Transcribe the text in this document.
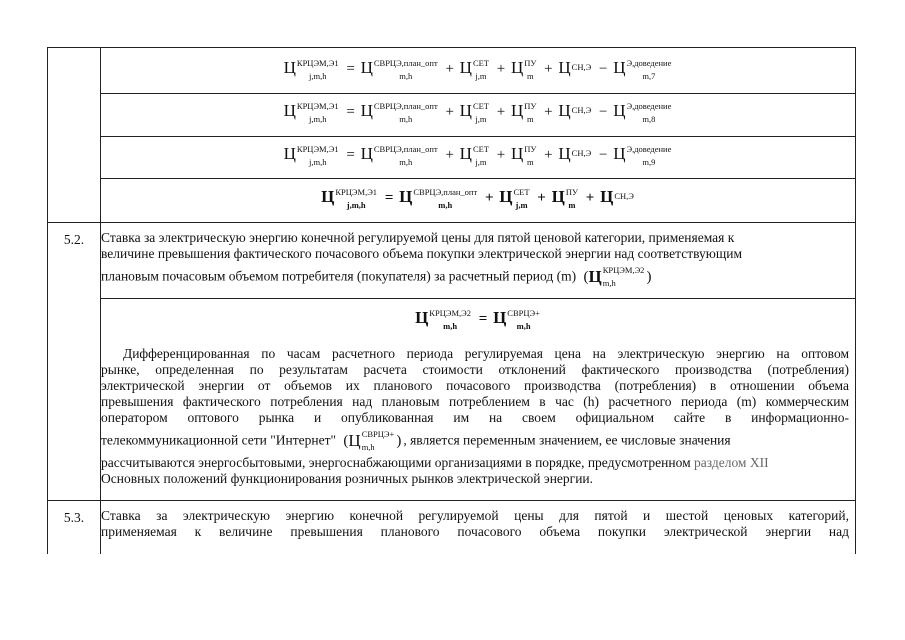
Ц КРЦЭМ,Э1
j,m,h	= Ц СВРЦЭ,план_опт
m,h	+ Ц СЕТ
j,m + Ц ПУ
m + Ц СН,Э − Ц Э,доведение
m,7
Ц КРЦЭМ,Э1
j,m,h	= Ц СВРЦЭ,план_опт
m,h	+ Ц СЕТ
j,m + Ц ПУ
m + Ц СН,Э − Ц Э,доведение
m,8
Ц КРЦЭМ,Э1
j,m,h	= Ц СВРЦЭ,план_опт
m,h	+ Ц СЕТ
j,m + Ц ПУ
m + Ц СН,Э − Ц Э,доведение
m,9
Ц КРЦЭМ,Э1
j,m,h	= Ц СВРЦЭ,план_опт
m,h	+ Ц СЕТ
j,m + Ц ПУ
m + Ц СН,Э
5.2.	Ставка за электрическую энергию конечной регулируемой цены для пятой ценовой категории, применяемая к
величине превышения фактического почасового объема покупки электрической энергии над соответствующим
плановым почасовым объемом потребителя (покупателя) за расчетный период (m) ( Ц КРЦЭМ,Э2
m,h	)
Ц КРЦЭМ,Э2
m,h	= Ц СВРЦЭ+
m,h
Дифференцированная по часам расчетного периода регулируемая цена на электрическую энергию на оптовом
рынке, определенная по результатам расчета стоимости отклонений фактического производства (потребления)
электрической энергии от объемов их планового почасового производства (потребления) в отношении объема
превышения фактического потребления над плановым потреблением в час (h) расчетного периода (m) коммерческим
оператором оптового рынка и опубликованная им на своем официальном сайте в информационно-
телекоммуникационной сети "Интернет" ( Ц СВРЦЭ+
m,h	) , является переменным значением, ее числовые значения
рассчитываются энергосбытовыми, энергоснабжающими организациями в порядке, предусмотренном разделом XII
Основных положений функционирования розничных рынков электрической энергии.
5.3.	Ставка за электрическую энергию конечной регулируемой цены для пятой и шестой ценовых категорий,
применяемая к величине превышения планового почасового объема покупки электрической энергии над
